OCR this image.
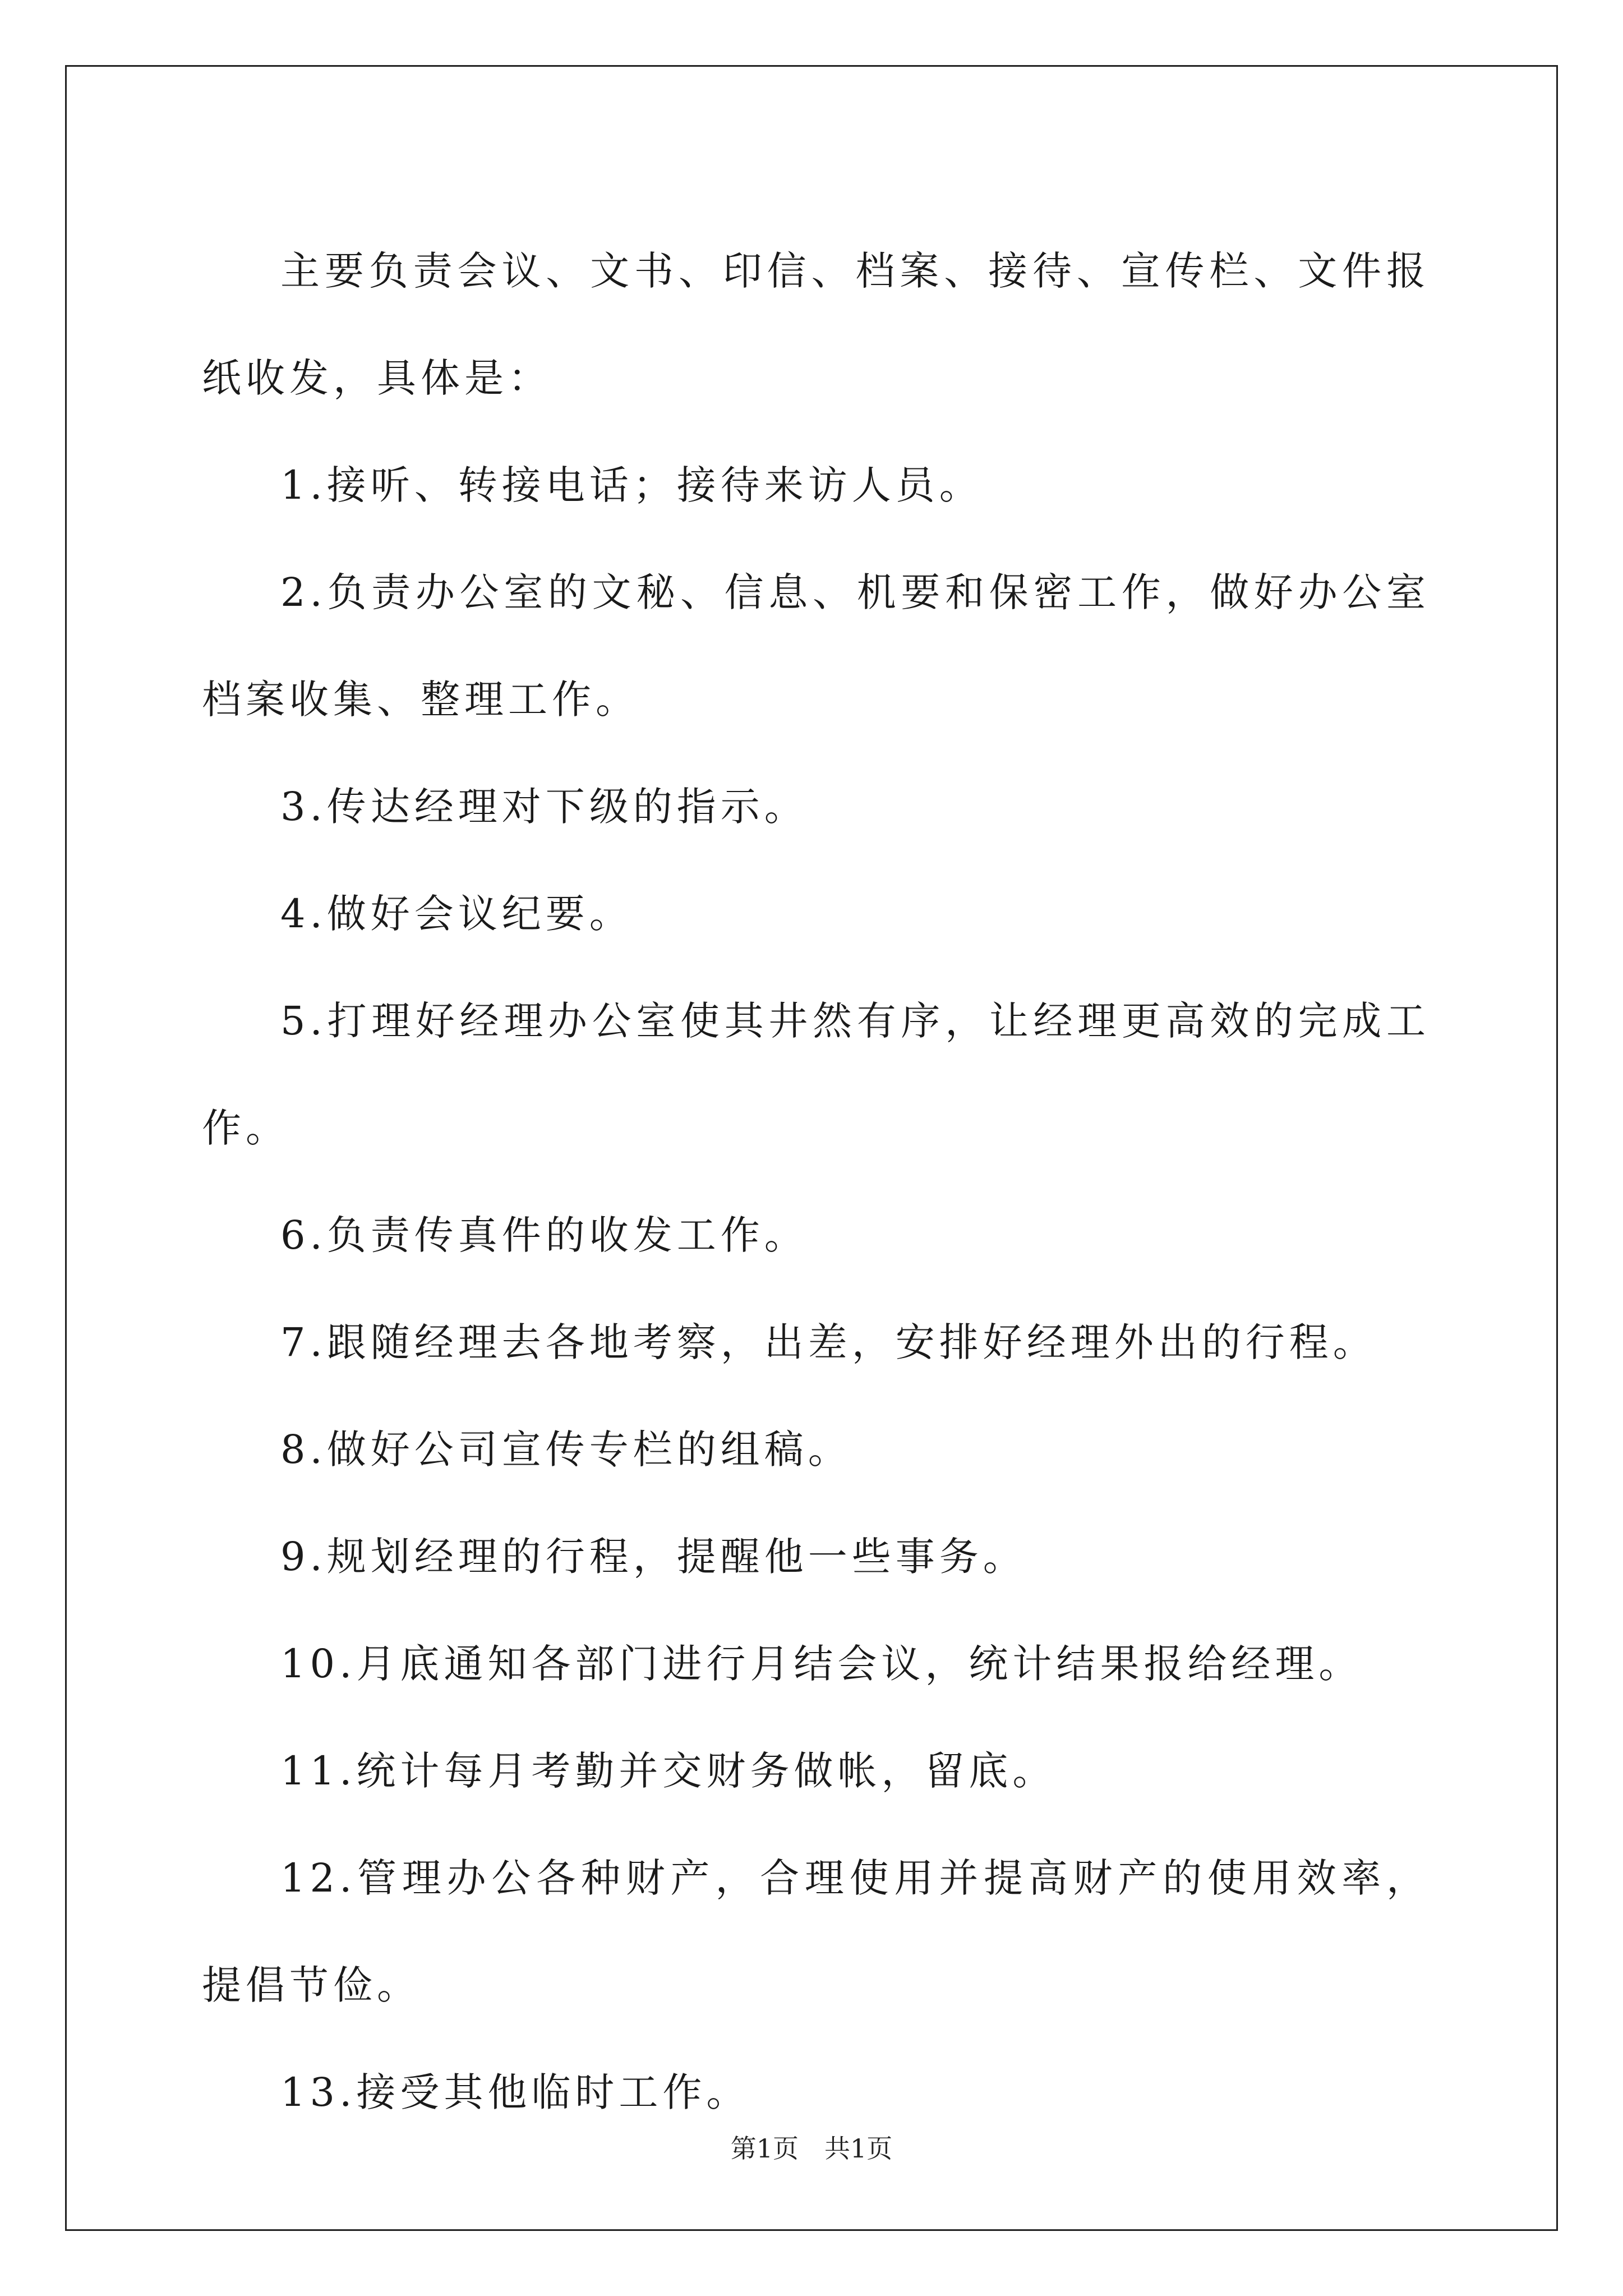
主要负责会议、文书、印信、档案、接待、宣传栏、文件报纸收发，具体是：

1.接听、转接电话；接待来访人员。

2.负责办公室的文秘、信息、机要和保密工作，做好办公室档案收集、整理工作。

3.传达经理对下级的指示。

4.做好会议纪要。

5.打理好经理办公室使其井然有序，让经理更高效的完成工作。

6.负责传真件的收发工作。

7.跟随经理去各地考察，出差，安排好经理外出的行程。

8.做好公司宣传专栏的组稿。

9.规划经理的行程，提醒他一些事务。

10.月底通知各部门进行月结会议，统计结果报给经理。

11.统计每月考勤并交财务做帐，留底。

12.管理办公各种财产，合理使用并提高财产的使用效率，提倡节俭。

13.接受其他临时工作。

第1页　共1页
